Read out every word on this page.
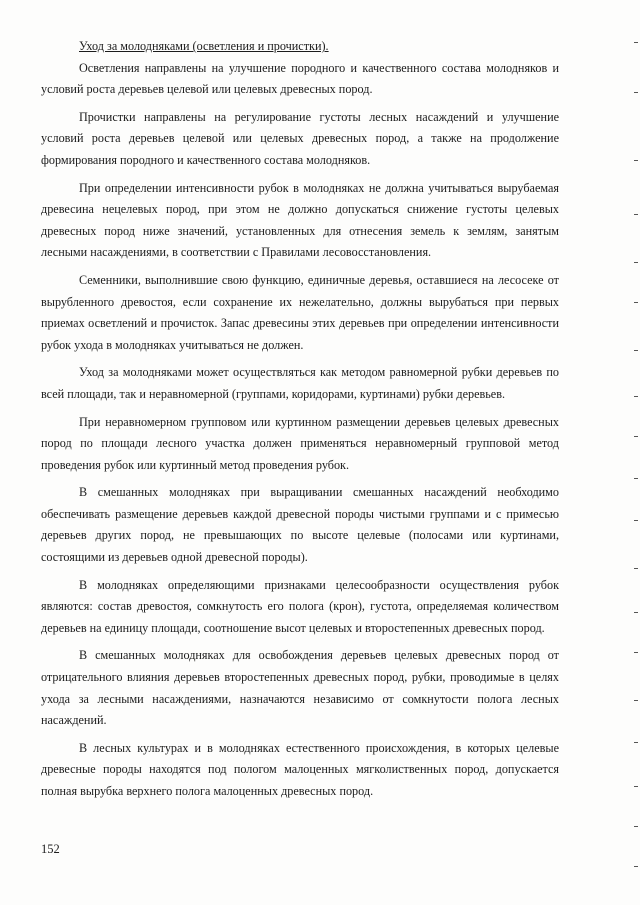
Уход за молодняками (осветления и прочистки).

Осветления направлены на улучшение породного и качественного состава молодняков и условий роста деревьев целевой или целевых древесных пород.

Прочистки направлены на регулирование густоты лесных насаждений и улучшение условий роста деревьев целевой или целевых древесных пород, а также на продолжение формирования породного и качественного состава молодняков.

При определении интенсивности рубок в молодняках не должна учитываться вырубаемая древесина нецелевых пород, при этом не должно допускаться снижение густоты целевых древесных пород ниже значений, установленных для отнесения земель к землям, занятым лесными насаждениями, в соответствии с Правилами лесовосстановления.

Семенники, выполнившие свою функцию, единичные деревья, оставшиеся на лесосеке от вырубленного древостоя, если сохранение их нежелательно, должны вырубаться при первых приемах осветлений и прочисток. Запас древесины этих деревьев при определении интенсивности рубок ухода в молодняках учитываться не должен.

Уход за молодняками может осуществляться как методом равномерной рубки деревьев по всей площади, так и неравномерной (группами, коридорами, куртинами) рубки деревьев.

При неравномерном групповом или куртинном размещении деревьев целевых древесных пород по площади лесного участка должен применяться неравномерный групповой метод проведения рубок или куртинный метод проведения рубок.

В смешанных молодняках при выращивании смешанных насаждений необходимо обеспечивать размещение деревьев каждой древесной породы чистыми группами и с примесью деревьев других пород, не превышающих по высоте целевые (полосами или куртинами, состоящими из деревьев одной древесной породы).

В молодняках определяющими признаками целесообразности осуществления рубок являются: состав древостоя, сомкнутость его полога (крон), густота, определяемая количеством деревьев на единицу площади, соотношение высот целевых и второстепенных древесных пород.

В смешанных молодняках для освобождения деревьев целевых древесных пород от отрицательного влияния деревьев второстепенных древесных пород, рубки, проводимые в целях ухода за лесными насаждениями, назначаются независимо от сомкнутости полога лесных насаждений.

В лесных культурах и в молодняках естественного происхождения, в которых целевые древесные породы находятся под пологом малоценных мягколиственных пород, допускается полная вырубка верхнего полога малоценных древесных пород.

152
